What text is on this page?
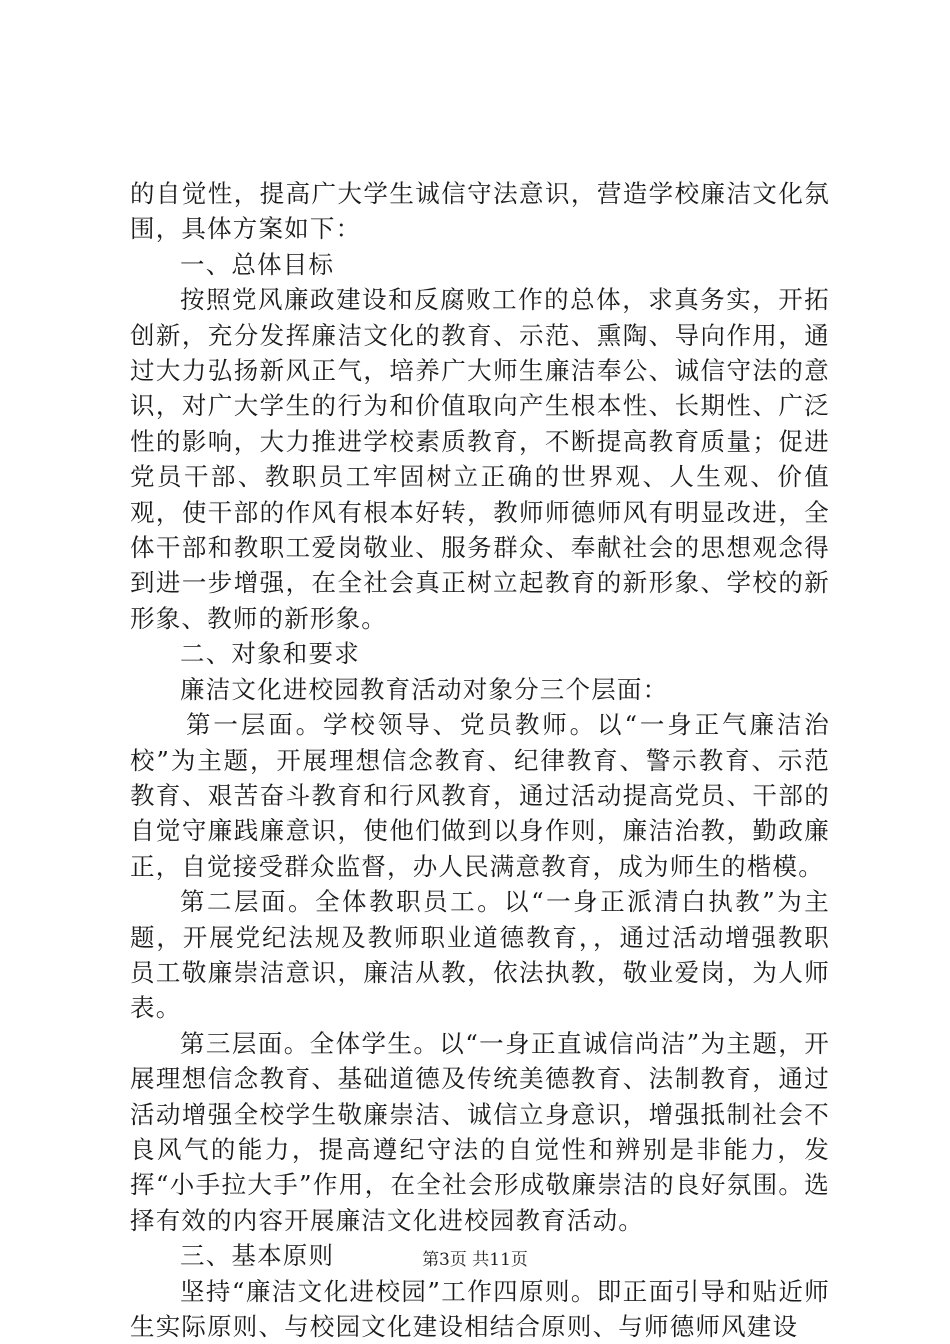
的自觉性，提高广大学生诚信守法意识，营造学校廉洁文化氛围，具体方案如下：

一、总体目标

按照党风廉政建设和反腐败工作的总体，求真务实，开拓创新，充分发挥廉洁文化的教育、示范、熏陶、导向作用，通过大力弘扬新风正气，培养广大师生廉洁奉公、诚信守法的意识，对广大学生的行为和价值取向产生根本性、长期性、广泛性的影响，大力推进学校素质教育，不断提高教育质量；促进党员干部、教职员工牢固树立正确的世界观、人生观、价值观，使干部的作风有根本好转，教师师德师风有明显改进，全体干部和教职工爱岗敬业、服务群众、奉献社会的思想观念得到进一步增强，在全社会真正树立起教育的新形象、学校的新形象、教师的新形象。

二、对象和要求

廉洁文化进校园教育活动对象分三个层面：

第一层面。学校领导、党员教师。以“一身正气廉洁治校”为主题，开展理想信念教育、纪律教育、警示教育、示范教育、艰苦奋斗教育和行风教育，通过活动提高党员、干部的自觉守廉践廉意识，使他们做到以身作则，廉洁治教，勤政廉正，自觉接受群众监督，办人民满意教育，成为师生的楷模。

第二层面。全体教职员工。以“一身正派清白执教”为主题，开展党纪法规及教师职业道德教育，，通过活动增强教职员工敬廉崇洁意识，廉洁从教，依法执教，敬业爱岗，为人师表。

第三层面。全体学生。以“一身正直诚信尚洁”为主题，开展理想信念教育、基础道德及传统美德教育、法制教育，通过活动增强全校学生敬廉崇洁、诚信立身意识，增强抵制社会不良风气的能力，提高遵纪守法的自觉性和辨别是非能力，发挥“小手拉大手”作用，在全社会形成敬廉崇洁的良好氛围。选择有效的内容开展廉洁文化进校园教育活动。

三、基本原则

坚持“廉洁文化进校园”工作四原则。即正面引导和贴近师生实际原则、与校园文化建设相结合原则、与师德师风建设

第3页 共11页
